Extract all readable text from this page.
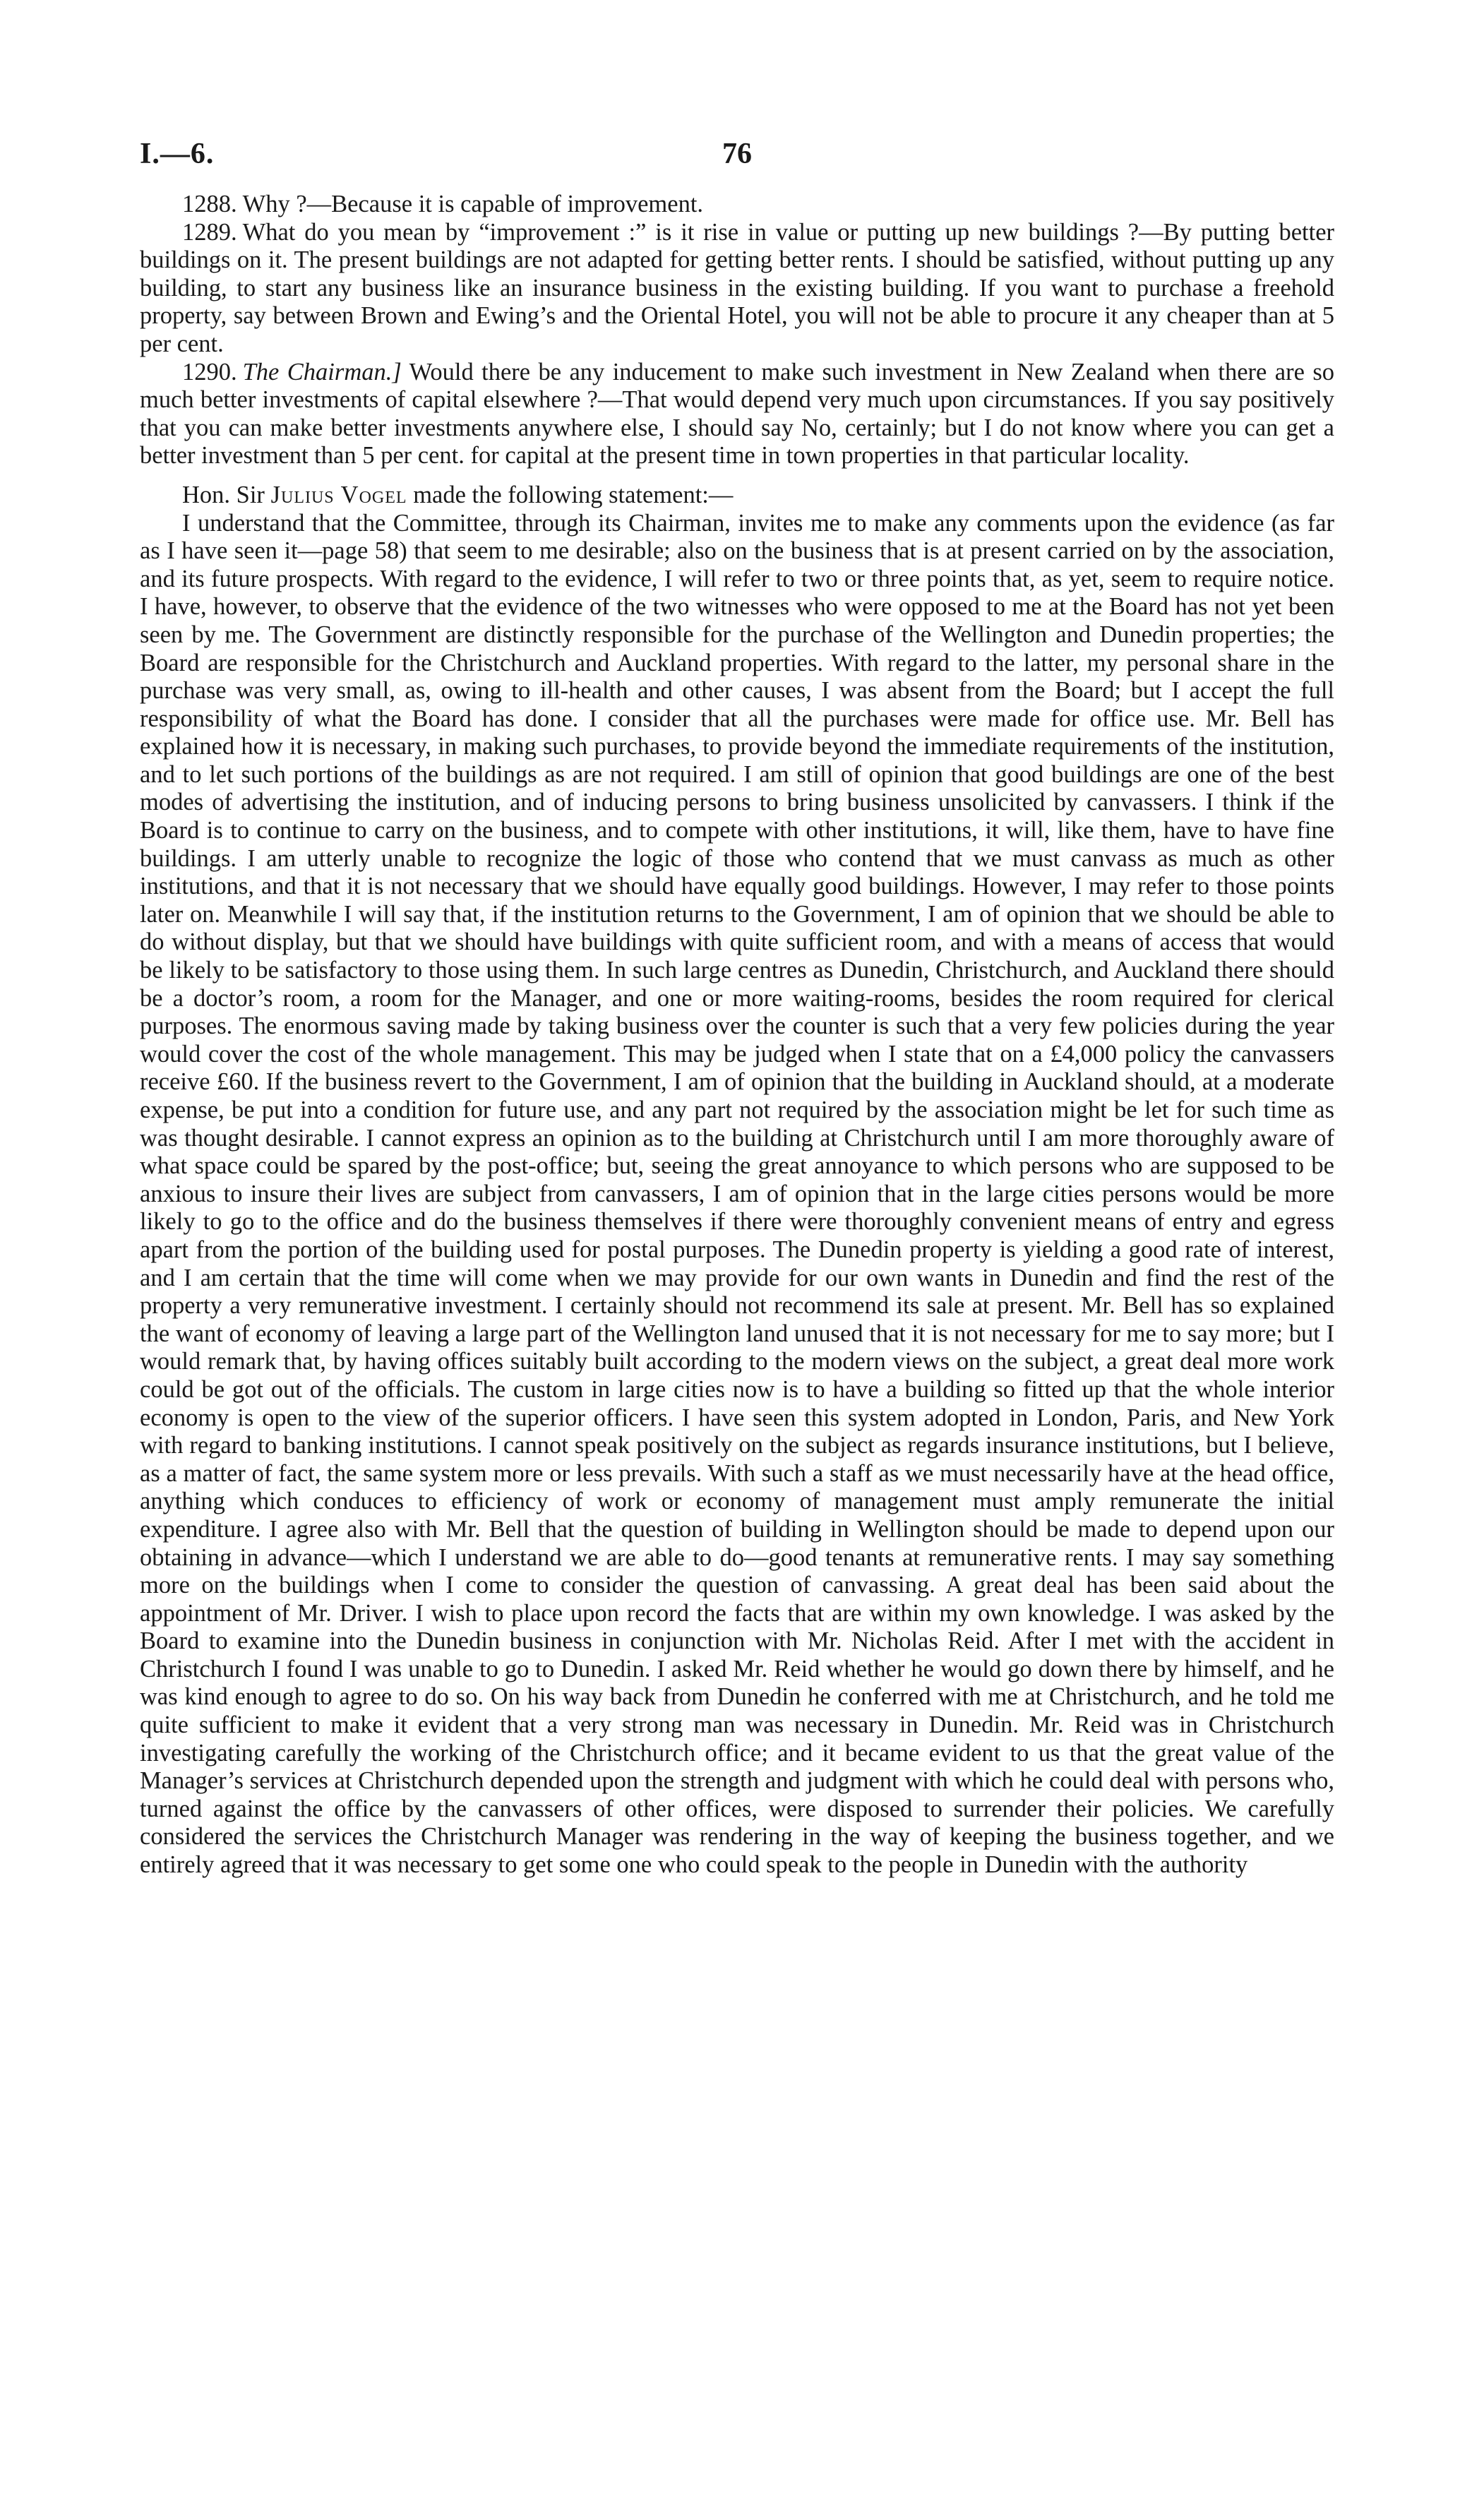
I.—6.	76

1288. Why ?—Because it is capable of improvement.

1289. What do you mean by “improvement :” is it rise in value or putting up new buildings ?—By putting better buildings on it. The present buildings are not adapted for getting better rents. I should be satisfied, without putting up any building, to start any business like an insurance business in the existing building. If you want to purchase a freehold property, say between Brown and Ewing’s and the Oriental Hotel, you will not be able to procure it any cheaper than at 5 per cent.

1290. The Chairman.] Would there be any inducement to make such investment in New Zealand when there are so much better investments of capital elsewhere ?—That would depend very much upon circumstances. If you say positively that you can make better investments anywhere else, I should say No, certainly; but I do not know where you can get a better investment than 5 per cent. for capital at the present time in town properties in that particular locality.

Hon. Sir Julius Vogel made the following statement:—

I understand that the Committee, through its Chairman, invites me to make any comments upon the evidence (as far as I have seen it—page 58) that seem to me desirable; also on the business that is at present carried on by the association, and its future prospects. With regard to the evidence, I will refer to two or three points that, as yet, seem to require notice. I have, however, to observe that the evidence of the two witnesses who were opposed to me at the Board has not yet been seen by me. The Government are distinctly responsible for the purchase of the Wellington and Dunedin properties; the Board are responsible for the Christchurch and Auckland properties. With regard to the latter, my personal share in the purchase was very small, as, owing to ill-health and other causes, I was absent from the Board; but I accept the full responsibility of what the Board has done. I consider that all the purchases were made for office use. Mr. Bell has explained how it is necessary, in making such purchases, to provide beyond the immediate requirements of the institution, and to let such portions of the buildings as are not required. I am still of opinion that good buildings are one of the best modes of advertising the institution, and of inducing persons to bring business unsolicited by canvassers. I think if the Board is to continue to carry on the business, and to compete with other institutions, it will, like them, have to have fine buildings. I am utterly unable to recognize the logic of those who contend that we must canvass as much as other institutions, and that it is not necessary that we should have equally good buildings. However, I may refer to those points later on. Meanwhile I will say that, if the institution returns to the Government, I am of opinion that we should be able to do without display, but that we should have buildings with quite sufficient room, and with a means of access that would be likely to be satisfactory to those using them. In such large centres as Dunedin, Christchurch, and Auckland there should be a doctor’s room, a room for the Manager, and one or more waiting-rooms, besides the room required for clerical purposes. The enormous saving made by taking business over the counter is such that a very few policies during the year would cover the cost of the whole management. This may be judged when I state that on a £4,000 policy the canvassers receive £60. If the business revert to the Government, I am of opinion that the building in Auckland should, at a moderate expense, be put into a condition for future use, and any part not required by the association might be let for such time as was thought desirable. I cannot express an opinion as to the building at Christchurch until I am more thoroughly aware of what space could be spared by the post-office; but, seeing the great annoyance to which persons who are supposed to be anxious to insure their lives are subject from canvassers, I am of opinion that in the large cities persons would be more likely to go to the office and do the business themselves if there were thoroughly convenient means of entry and egress apart from the portion of the building used for postal purposes. The Dunedin property is yielding a good rate of interest, and I am certain that the time will come when we may provide for our own wants in Dunedin and find the rest of the property a very remunerative investment. I certainly should not recommend its sale at present. Mr. Bell has so explained the want of economy of leaving a large part of the Wellington land unused that it is not necessary for me to say more; but I would remark that, by having offices suitably built according to the modern views on the subject, a great deal more work could be got out of the officials. The custom in large cities now is to have a building so fitted up that the whole interior economy is open to the view of the superior officers. I have seen this system adopted in London, Paris, and New York with regard to banking institutions. I cannot speak positively on the subject as regards insurance institutions, but I believe, as a matter of fact, the same system more or less prevails. With such a staff as we must necessarily have at the head office, anything which conduces to efficiency of work or economy of management must amply remunerate the initial expenditure. I agree also with Mr. Bell that the question of building in Wellington should be made to depend upon our obtaining in advance—which I understand we are able to do—good tenants at remunerative rents. I may say something more on the buildings when I come to consider the question of canvassing. A great deal has been said about the appointment of Mr. Driver. I wish to place upon record the facts that are within my own knowledge. I was asked by the Board to examine into the Dunedin business in conjunction with Mr. Nicholas Reid. After I met with the accident in Christchurch I found I was unable to go to Dunedin. I asked Mr. Reid whether he would go down there by himself, and he was kind enough to agree to do so. On his way back from Dunedin he conferred with me at Christchurch, and he told me quite sufficient to make it evident that a very strong man was necessary in Dunedin. Mr. Reid was in Christchurch investigating carefully the working of the Christchurch office; and it became evident to us that the great value of the Manager’s services at Christchurch depended upon the strength and judgment with which he could deal with persons who, turned against the office by the canvassers of other offices, were disposed to surrender their policies. We carefully considered the services the Christchurch Manager was rendering in the way of keeping the business together, and we entirely agreed that it was necessary to get some one who could speak to the people in Dunedin with the authority
